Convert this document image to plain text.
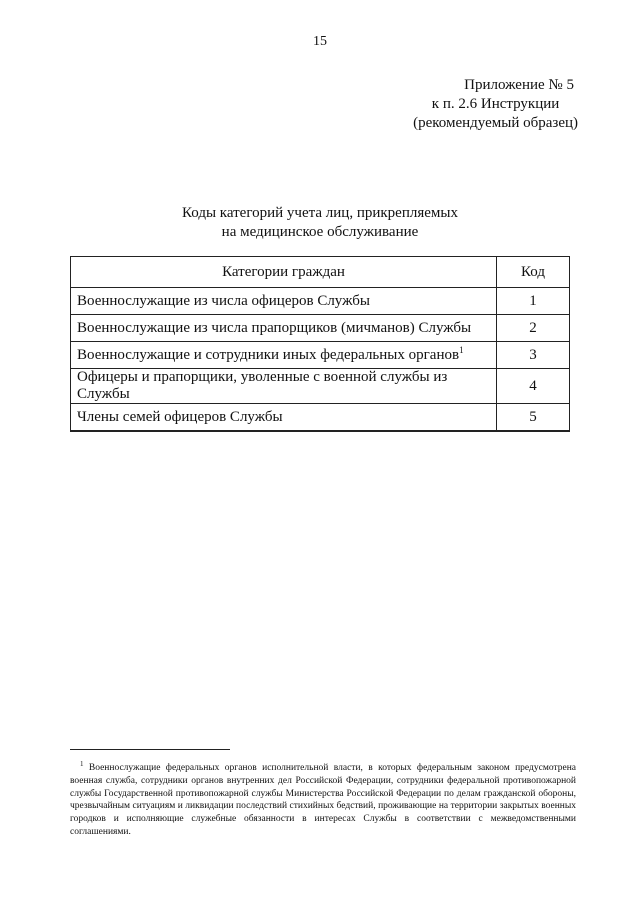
15
Приложение № 5
к п. 2.6 Инструкции
(рекомендуемый образец)
Коды категорий учета лиц, прикрепляемых
на медицинское обслуживание
Категории граждан	Код
Военнослужащие из числа офицеров Службы	1
Военнослужащие из числа прапорщиков (мичманов) Службы	2
Военнослужащие и сотрудники иных федеральных органов$^1$	3
Офицеры и прапорщики, уволенные с военной службы из Службы	4
Члены семей офицеров Службы	5
$^1$ Военнослужащие федеральных органов исполнительной власти, в которых федеральным законом предусмотрена военная служба, сотрудники органов внутренних дел Российской Федерации, сотрудники федеральной противопожарной службы Государственной противопожарной службы Министерства Российской Федерации по делам гражданской обороны, чрезвычайным ситуациям и ликвидации последствий стихийных бедствий, проживающие на территории закрытых военных городков и исполняющие служебные обязанности в интересах Службы в соответствии с межведомственными соглашениями.
